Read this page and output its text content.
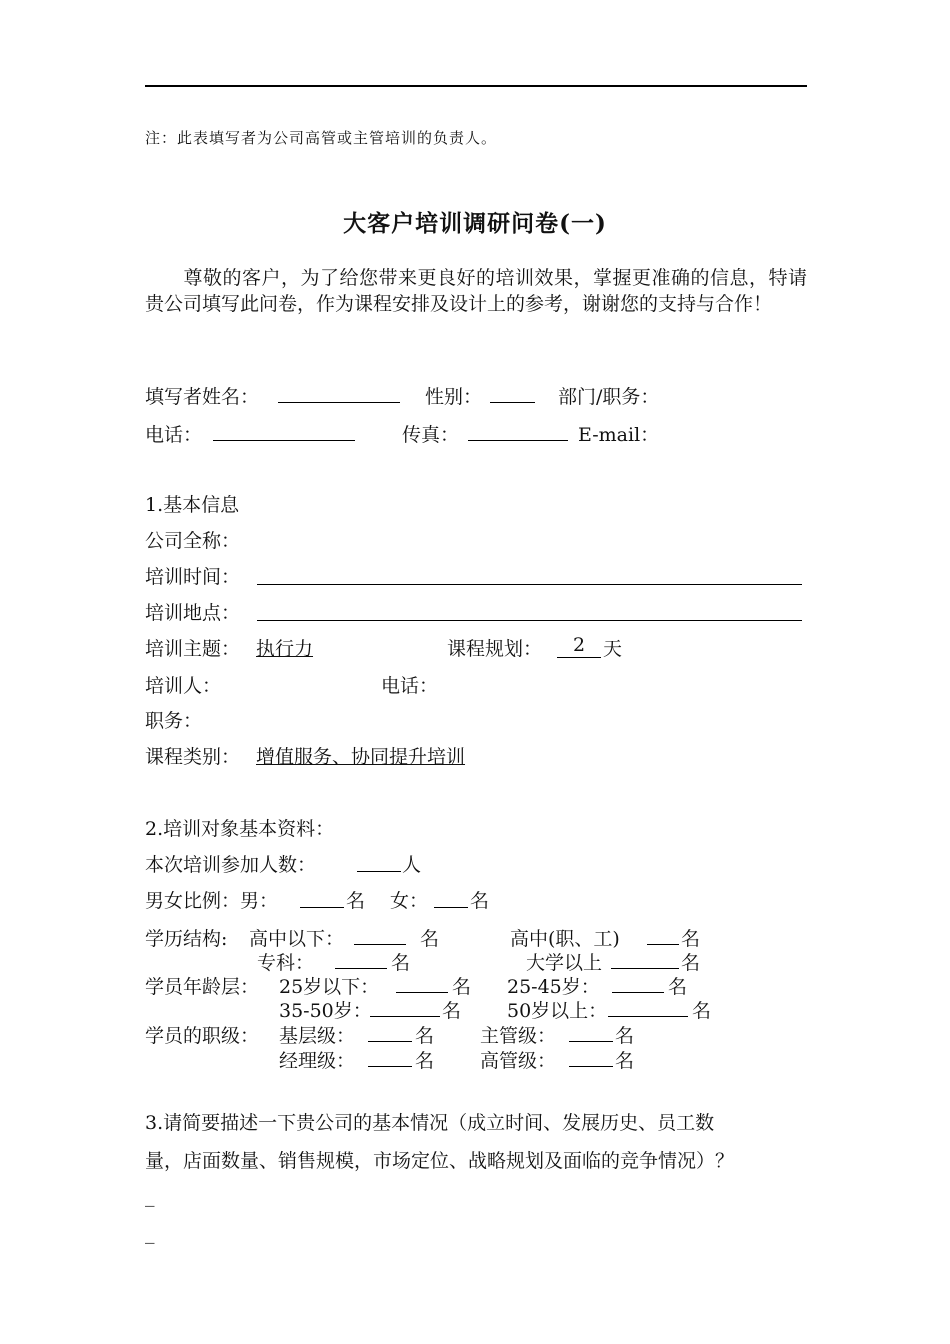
注：此表填写者为公司高管或主管培训的负责人。
大客户培训调研问卷(一)
尊敬的客户，为了给您带来更良好的培训效果，掌握更准确的信息，特请贵公司填写此问卷，作为课程安排及设计上的参考，谢谢您的支持与合作！
填写者姓名：	性别：	部门/职务：
电话：	传真：	E-mail：
1.基本信息
公司全称：
培训时间：
培训地点：
培训主题： 执行力	课程规划：	2 天
培训人：	电话：
职务：
课程类别： 增值服务、协同提升培训
2.培训对象基本资料：
本次培训参加人数：	人
男女比例：男：	名 女： 名
学历结构: 高中以下：	名	高中(职、工)	名
专科：	名	大学以上	名
学员年龄层： 25岁以下：	名 25-45岁：	名
35-50岁：	名 50岁以上：	名
学员的职级： 基层级：	名 主管级：	名
经理级：	名 高管级：	名
3.请简要描述一下贵公司的基本情况（成立时间、发展历史、员工数
量，店面数量、销售规模，市场定位、战略规划及面临的竞争情况）？
_
_
